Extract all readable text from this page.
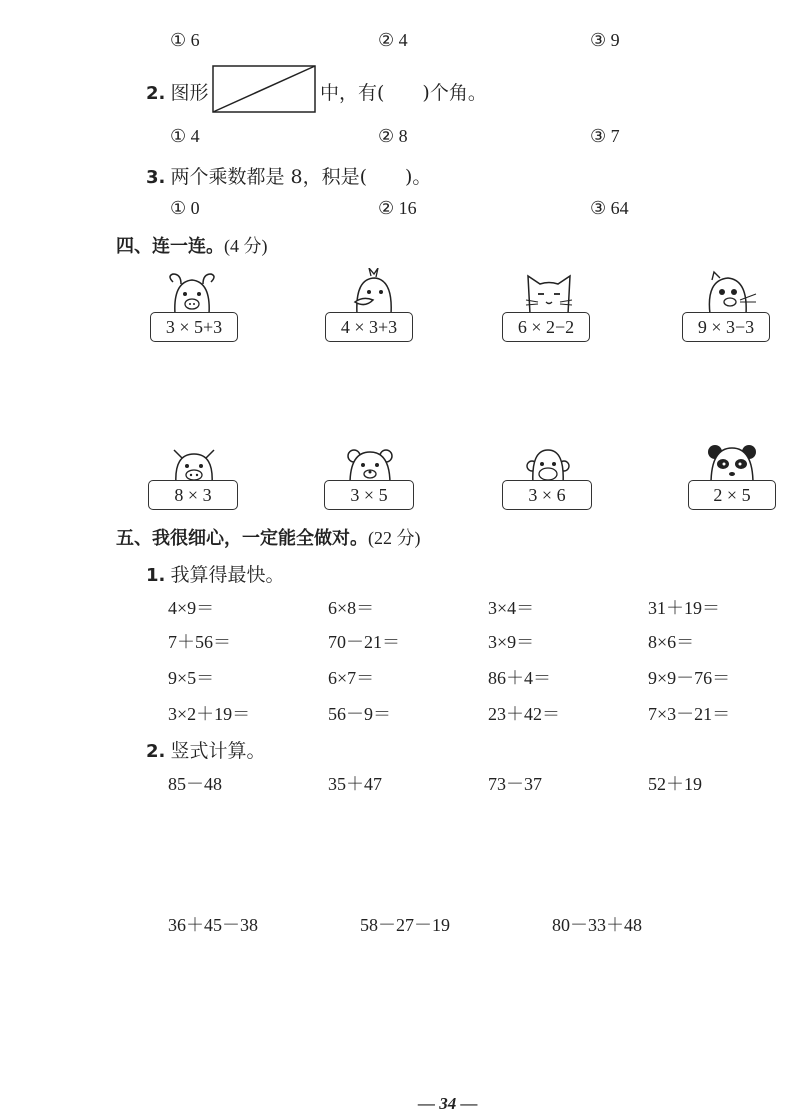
① 6	② 4	③ 9
2. 图形	中，有(　　)个角。
① 4	② 8	③ 7
3. 两个乘数都是 8，积是(　　)。
① 0	② 16	③ 64
四、连一连。(4 分)
3 × 5+3	4 × 3+3	6 × 2−2	9 × 3−3
8 × 3	3 × 5	3 × 6	2 × 5
五、我很细心，一定能全做对。(22 分)
1. 我算得最快。
4×9＝	6×8＝	3×4＝	31＋19＝
7＋56＝	70－21＝	3×9＝	8×6＝
9×5＝	6×7＝	86＋4＝	9×9－76＝
3×2＋19＝	56－9＝	23＋42＝	7×3－21＝
2. 竖式计算。
85－48	35＋47	73－37	52＋19
36＋45－38	58－27－19	80－33＋48
— 34 —
